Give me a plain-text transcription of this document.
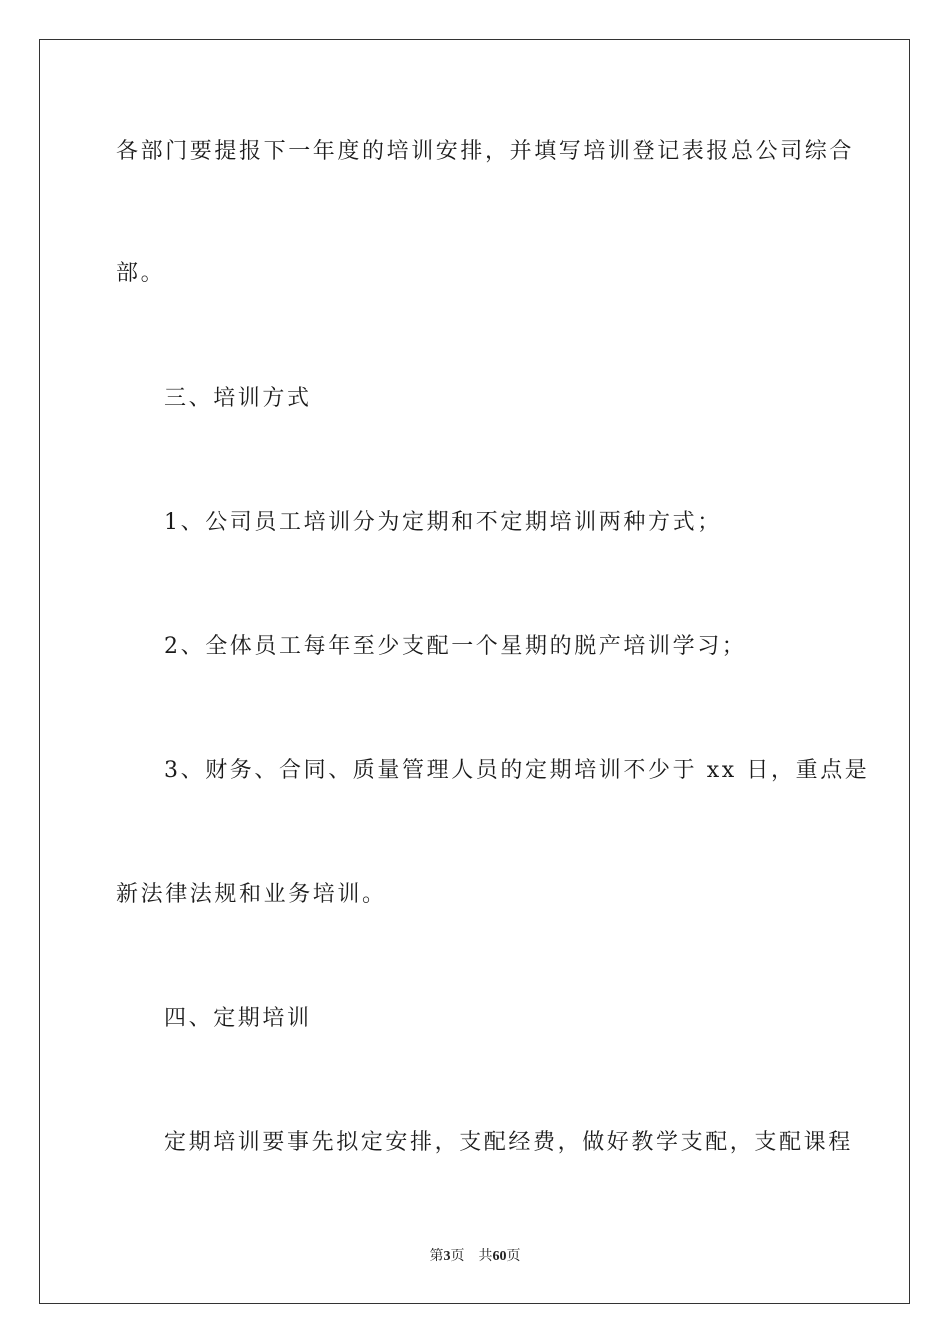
各部门要提报下一年度的培训安排，并填写培训登记表报总公司综合
部。
三、培训方式
1、公司员工培训分为定期和不定期培训两种方式；
2、全体员工每年至少支配一个星期的脱产培训学习；
3、财务、合同、质量管理人员的定期培训不少于 xx 日，重点是
新法律法规和业务培训。
四、定期培训
定期培训要事先拟定安排，支配经费，做好教学支配，支配课程
第3页 共60页
